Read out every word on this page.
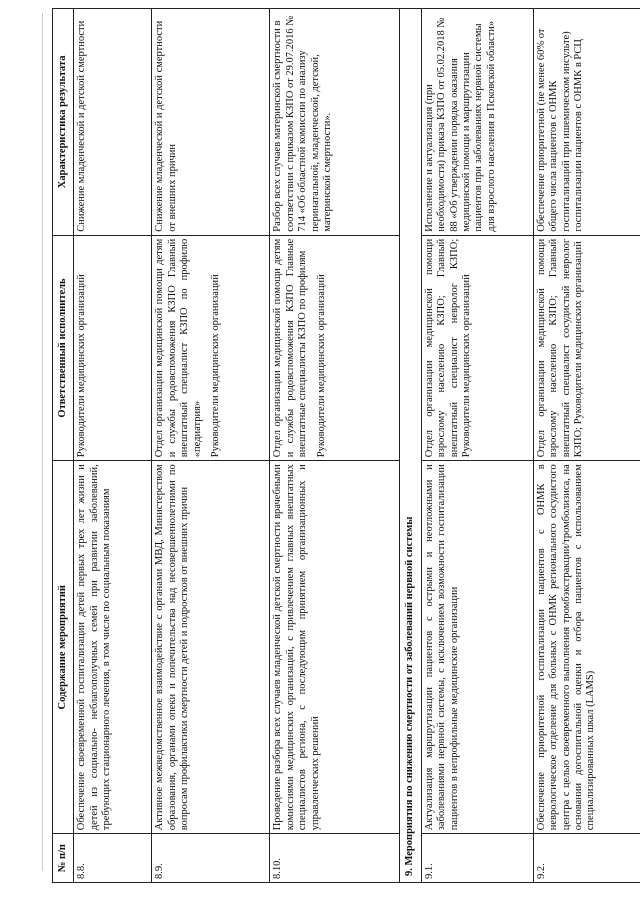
№ п/п	Содержание мероприятий	Ответственный исполнитель	Характеристика результата
8.8.	Обеспечение своевременной госпитализации детей первых трех лет жизни и детей из социально- неблагополучных семей при развитии заболеваний, требующих стационарного лечения, в том числе по социальным показаниям	Руководители медицинских организаций	Снижение младенческой и детской смертности
8.9.	Активное межведомственное взаимодействие с органами МВД, Министерством образования, органами опеки и попечительства над несовершеннолетними по вопросам профилактики смертности детей и подростков от внешних причин	Отдел организации медицинской помощи детям и службы родовспоможения КЗПО Главный внештатный специалист КЗПО по профилю «педиатрия» Руководители медицинских организаций	Снижение младенческой и детской смертности от внешних причин
8.10.	Проведение разбора всех случаев младенческой детской смертности врачебными комиссиями медицинских организаций, с привлечением главных внештатных специалистов региона, с последующим принятием организационных и управленческих решений	Отдел организации медицинской помощи детям и службы родовспоможения КЗПО Главные внештатные специалисты КЗПО по профилям Руководители медицинских организаций	Разбор всех случаев материнской смертности в соответствии с приказом КЗПО от 29.07.2016 № 714 «Об областной комиссии по анализу перинатальной, младенческой, детской, материнской смертности».
9. Мероприятия по снижению смертности от заболеваний нервной системы			
9.1.	Актуализация маршрутизации пациентов с острыми и неотложными и заболеваниями нервной системы, с исключением возможности госпитализации пациентов в непрофильные медицинские организации	Отдел организации медицинской помощи взрослому населению КЗПО; Главный внештатный специалист невролог КЗПО; Руководители медицинских организаций	Исполнение и актуализация (при необходимости) приказа КЗПО от 05.02.2018 № 88 «Об утверждении порядка оказания медицинской помощи и маршрутизации пациентов при заболеваниях нервной системы для взрослого населения в Псковской области»
9.2.	Обеспечение приоритетной госпитализации пациентов с ОНМК в неврологическое отделение для больных с ОНМК регионального сосудистого центра с целью своевременного выполнения тромбэкстракции/тромболизиса, на основании догоспитальной оценки и отбора пациентов с использованием специализированных шкал (LAMS)	Отдел организации медицинской помощи взрослому населению КЗПО; Главный внештатный специалист сосудистый невролог КЗПО; Руководители медицинских организаций	Обеспечение приоритетной (не менее 60% от общего числа пациентов с ОНМК госпитализаций при ишемическом инсульте) госпитализации пациентов с ОНМК в РСЦ
